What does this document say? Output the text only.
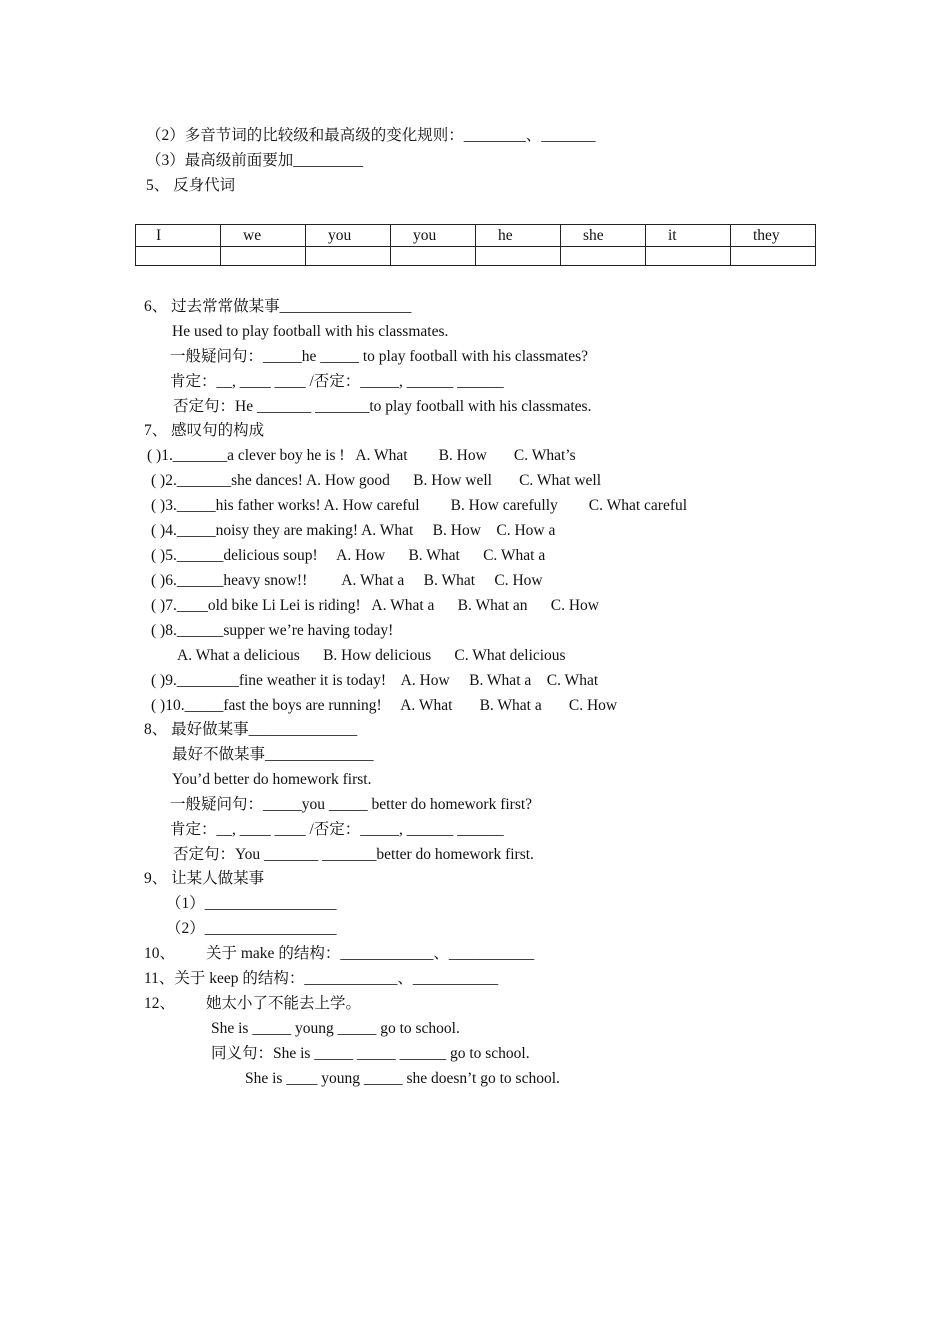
（2）多音节词的比较级和最高级的变化规则：________、_______
（3）最高级前面要加_________
5、 反身代词
6、 过去常常做某事_________________
He used to play football with his classmates.
一般疑问句：_____he _____ to play football with his classmates?
肯定：__, ____ ____ /否定：_____, ______ ______
否定句：He _______ _______to play football with his classmates.
7、 感叹句的构成
( )1._______a clever boy he is !   A. What        B. How       C. What’s
( )2._______she dances! A. How good      B. How well       C. What well
( )3._____his father works! A. How careful        B. How carefully        C. What careful
( )4._____noisy they are making! A. What     B. How    C. How a
( )5.______delicious soup!     A. How      B. What      C. What a
( )6.______heavy snow!!         A. What a     B. What     C. How
( )7.____old bike Li Lei is riding!   A. What a      B. What an      C. How
( )8.______supper we’re having today!
A. What a delicious      B. How delicious      C. What delicious
( )9.________fine weather it is today!    A. How     B. What a    C. What
( )10._____fast the boys are running!     A. What       B. What a       C. How
8、 最好做某事______________
最好不做某事______________
You’d better do homework first.
一般疑问句：_____you _____ better do homework first?
肯定：__, ____ ____ /否定：_____, ______ ______
否定句：You _______ _______better do homework first.
9、 让某人做某事
（1）_________________
（2）_________________
10、        关于 make 的结构：____________、___________
11、关于 keep 的结构：____________、___________
12、        她太小了不能去上学。
She is _____ young _____ go to school.
同义句：She is _____ _____ ______ go to school.
She is ____ young _____ she doesn’t go to school.
I	we	you	you	he	she	it	they
